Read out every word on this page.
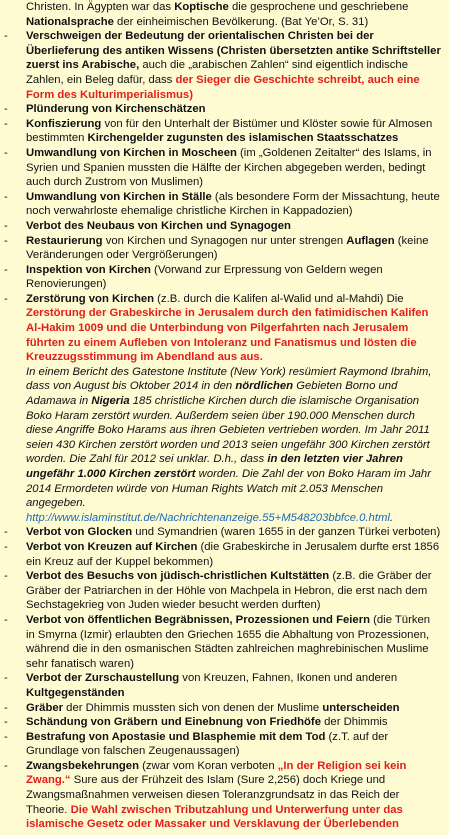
Christen. In Ägypten war das Koptische die gesprochene und geschriebene Nationalsprache der einheimischen Bevölkerung. (Bat Ye’Or, S. 31)

- Verschweigen der Bedeutung der orientalischen Christen bei der Überlieferung des antiken Wissens (Christen übersetzten antike Schriftsteller zuerst ins Arabische, auch die „arabischen Zahlen“ sind eigentlich indische Zahlen, ein Beleg dafür, dass der Sieger die Geschichte schreibt, auch eine Form des Kulturimperialismus)
- Plünderung von Kirchenschätzen
- Konfiszierung von für den Unterhalt der Bistümer und Klöster sowie für Almosen bestimmten Kirchengelder zugunsten des islamischen Staatsschatzes
- Umwandlung von Kirchen in Moscheen (im „Goldenen Zeitalter“ des Islams, in Syrien und Spanien mussten die Hälfte der Kirchen abgegeben werden, bedingt auch durch Zustrom von Muslimen)
- Umwandlung von Kirchen in Ställe (als besondere Form der Missachtung, heute noch verwahrloste ehemalige christliche Kirchen in Kappadozien)
- Verbot des Neubaus von Kirchen und Synagogen
- Restaurierung von Kirchen und Synagogen nur unter strengen Auflagen (keine Veränderungen oder Vergrößerungen)
- Inspektion von Kirchen (Vorwand zur Erpressung von Geldern wegen Renovierungen)
- Zerstörung von Kirchen (z.B. durch die Kalifen al-Walid und al-Mahdi) Die Zerstörung der Grabeskirche in Jerusalem durch den fatimidischen Kalifen Al-Hakim 1009 und die Unterbindung von Pilgerfahrten nach Jerusalem führten zu einem Aufleben von Intoleranz und Fanatismus und lösten die Kreuzzugsstimmung im Abendland aus aus.
In einem Bericht des Gatestone Institute (New York) resümiert Raymond Ibrahim, dass von August bis Oktober 2014 in den nördlichen Gebieten Borno und Adamawa in Nigeria 185 christliche Kirchen durch die islamische Organisation Boko Haram zerstört wurden. Außerdem seien über 190.000 Menschen durch diese Angriffe Boko Harams aus ihren Gebieten vertrieben worden. Im Jahr 2011 seien 430 Kirchen zerstört worden und 2013 seien ungefähr 300 Kirchen zerstört worden. Die Zahl für 2012 sei unklar. D.h., dass in den letzten vier Jahren ungefähr 1.000 Kirchen zerstört worden. Die Zahl der von Boko Haram im Jahr 2014 Ermordeten würde von Human Rights Watch mit 2.053 Menschen angegeben.
http://www.islaminstitut.de/Nachrichtenanzeige.55+M548203bbfce.0.html.
- Verbot von Glocken und Symandrien (waren 1655 in der ganzen Türkei verboten)
- Verbot von Kreuzen auf Kirchen (die Grabeskirche in Jerusalem durfte erst 1856 ein Kreuz auf der Kuppel bekommen)
- Verbot des Besuchs von jüdisch-christlichen Kultstätten (z.B. die Gräber der Gräber der Patriarchen in der Höhle von Machpela in Hebron, die erst nach dem Sechstagekrieg von Juden wieder besucht werden durften)
- Verbot von öffentlichen Begräbnissen, Prozessionen und Feiern (die Türken in Smyrna (Izmir) erlaubten den Griechen 1655 die Abhaltung von Prozessionen, während die in den osmanischen Städten zahlreichen maghrebinischen Muslime sehr fanatisch waren)
- Verbot der Zurschaustellung von Kreuzen, Fahnen, Ikonen und anderen Kultgegenständen
- Gräber der Dhimmis mussten sich von denen der Muslime unterscheiden
- Schändung von Gräbern und Einebnung von Friedhöfe der Dhimmis
- Bestrafung von Apostasie und Blasphemie mit dem Tod (z.T. auf der Grundlage von falschen Zeugenaussagen)
- Zwangsbekehrungen (zwar vom Koran verboten „In der Religion sei kein Zwang.“ Sure aus der Frühzeit des Islam (Sure 2,256) doch Kriege und Zwangsmaßnahmen verweisen diesen Toleranzgrundsatz in das Reich der Theorie. Die Wahl zwischen Tributzahlung und Unterwerfung unter das islamische Gesetz oder Massaker und Versklavung der Überlebenden
